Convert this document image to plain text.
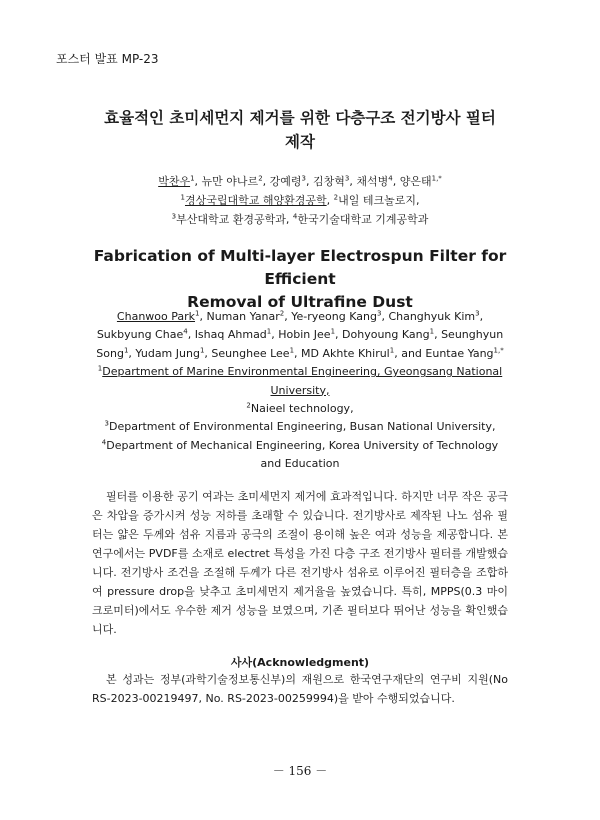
포스터 발표 MP-23
효율적인 초미세먼지 제거를 위한 다층구조 전기방사 필터
제작
박찬우$^1$, 뉴만 야나르$^2$, 강예령$^3$, 김창혁$^3$, 채석병$^4$, 양은태$^{1,*}$
$^1$경상국립대학교 해양환경공학, $^2$내일 테크놀로지,
$^3$부산대학교 환경공학과, $^4$한국기술대학교 기계공학과
Fabrication of Multi-layer Electrospun Filter for Efficient
Removal of Ultrafine Dust
Chanwoo Park$^1$, Numan Yanar$^2$, Ye-ryeong Kang$^3$, Changhyuk Kim$^3$, Sukbyung Chae$^4$, Ishaq Ahmad$^1$, Hobin Jee$^1$, Dohyoung Kang$^1$, Seunghyun Song$^1$, Yudam Jung$^1$, Seunghee Lee$^1$, MD Akhte Khirul$^1$, and Euntae Yang$^{1,*}$
$^1$Department of Marine Environmental Engineering, Gyeongsang National University,
$^2$Naieel technology,
$^3$Department of Environmental Engineering, Busan National University,
$^4$Department of Mechanical Engineering, Korea University of Technology and Education
필터를 이용한 공기 여과는 초미세먼지 제거에 효과적입니다. 하지만 너무 작은 공극은 차압을 증가시켜 성능 저하를 초래할 수 있습니다. 전기방사로 제작된 나노 섬유 필터는 얇은 두께와 섬유 지름과 공극의 조절이 용이해 높은 여과 성능을 제공합니다. 본 연구에서는 PVDF를 소재로 electret 특성을 가진 다층 구조 전기방사 필터를 개발했습니다. 전기방사 조건을 조절해 두께가 다른 전기방사 섬유로 이루어진 필터층을 조합하여 pressure drop을 낮추고 초미세먼지 제거율을 높였습니다. 특히, MPPS(0.3 마이크로미터)에서도 우수한 제거 성능을 보였으며, 기존 필터보다 뛰어난 성능을 확인했습니다.
사사(Acknowledgment)
본 성과는 정부(과학기술정보통신부)의 재원으로 한국연구재단의 연구비 지원(No RS-2023-00219497, No. RS-2023-00259994)을 받아 수행되었습니다.
－ 156 －
